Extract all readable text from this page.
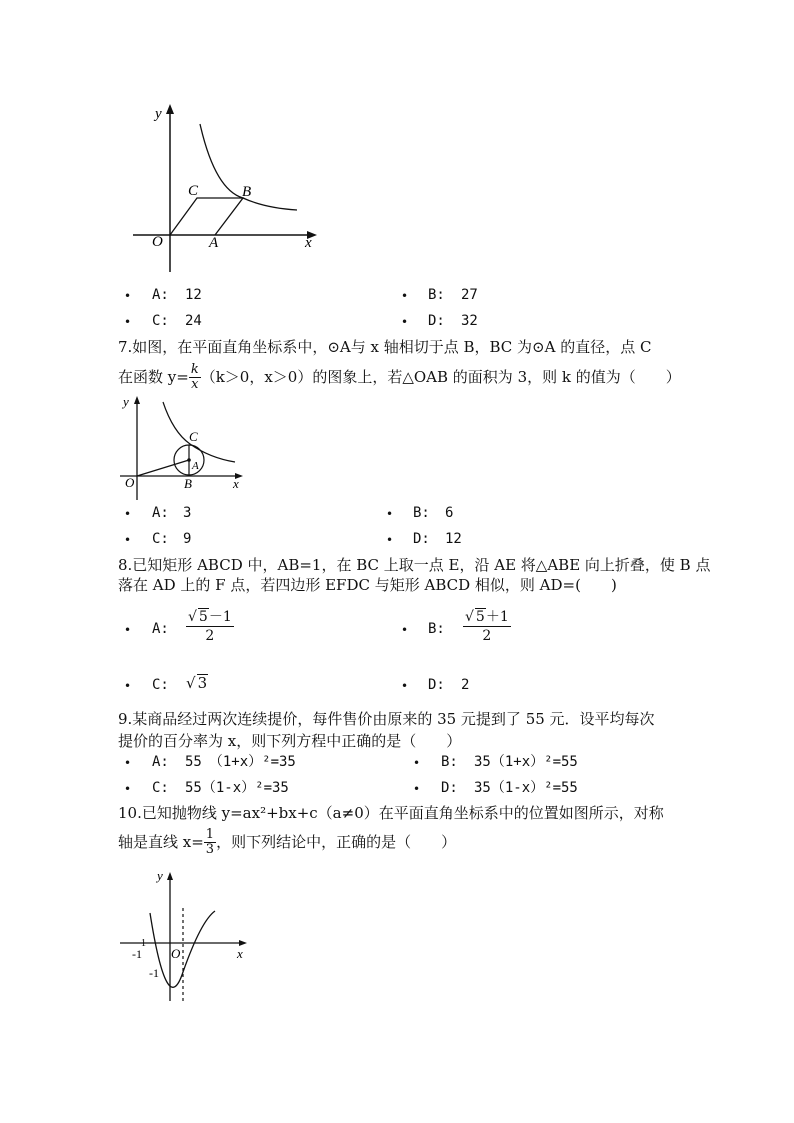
y
x
O	A
B
C
• A: 12	• B: 27
• C: 24	• D: 32
7.如图，在平面直角坐标系中，⊙A与 x 轴相切于点 B，BC 为⊙A 的直径，点 C
在函数 $y= \frac{k}{x} (k>0$，x＞0）的图象上，若△OAB 的面积为 3，则 k 的值为（　　）
y
x
O	B
C
A
• A: 3	• B: 6
• C: 9	• D: 12
8.已知矩形 ABCD 中，AB=1，在 BC 上取一点 E，沿 AE 将△ABE 向上折叠，使 B 点
落在 AD 上的 F 点，若四边形 EFDC 与矩形 ABCD 相似，则 AD=(　　)
• A: $\frac{√ 5-1}{2}$	• B: $\frac{√ 5+1}{2}$
• C: √ 3	• D: 2
9.某商品经过两次连续提价，每件售价由原来的 35 元提到了 55 元．设平均每次
提价的百分率为 x，则下列方程中正确的是（　　）
• A: 55　（1+x）²=35	• B: 35（1+x）²=55
• C: 55（1-x）²=35	• D: 35（1-x）²=55
10.已知抛物线 y=ax²+bx+c（a≠0）在平面直角坐标系中的位置如图所示，对称
轴是直线 $x= \frac{1}{3}$ ，则下列结论中，正确的是（　　）
y
x
O
-1
1
-1
